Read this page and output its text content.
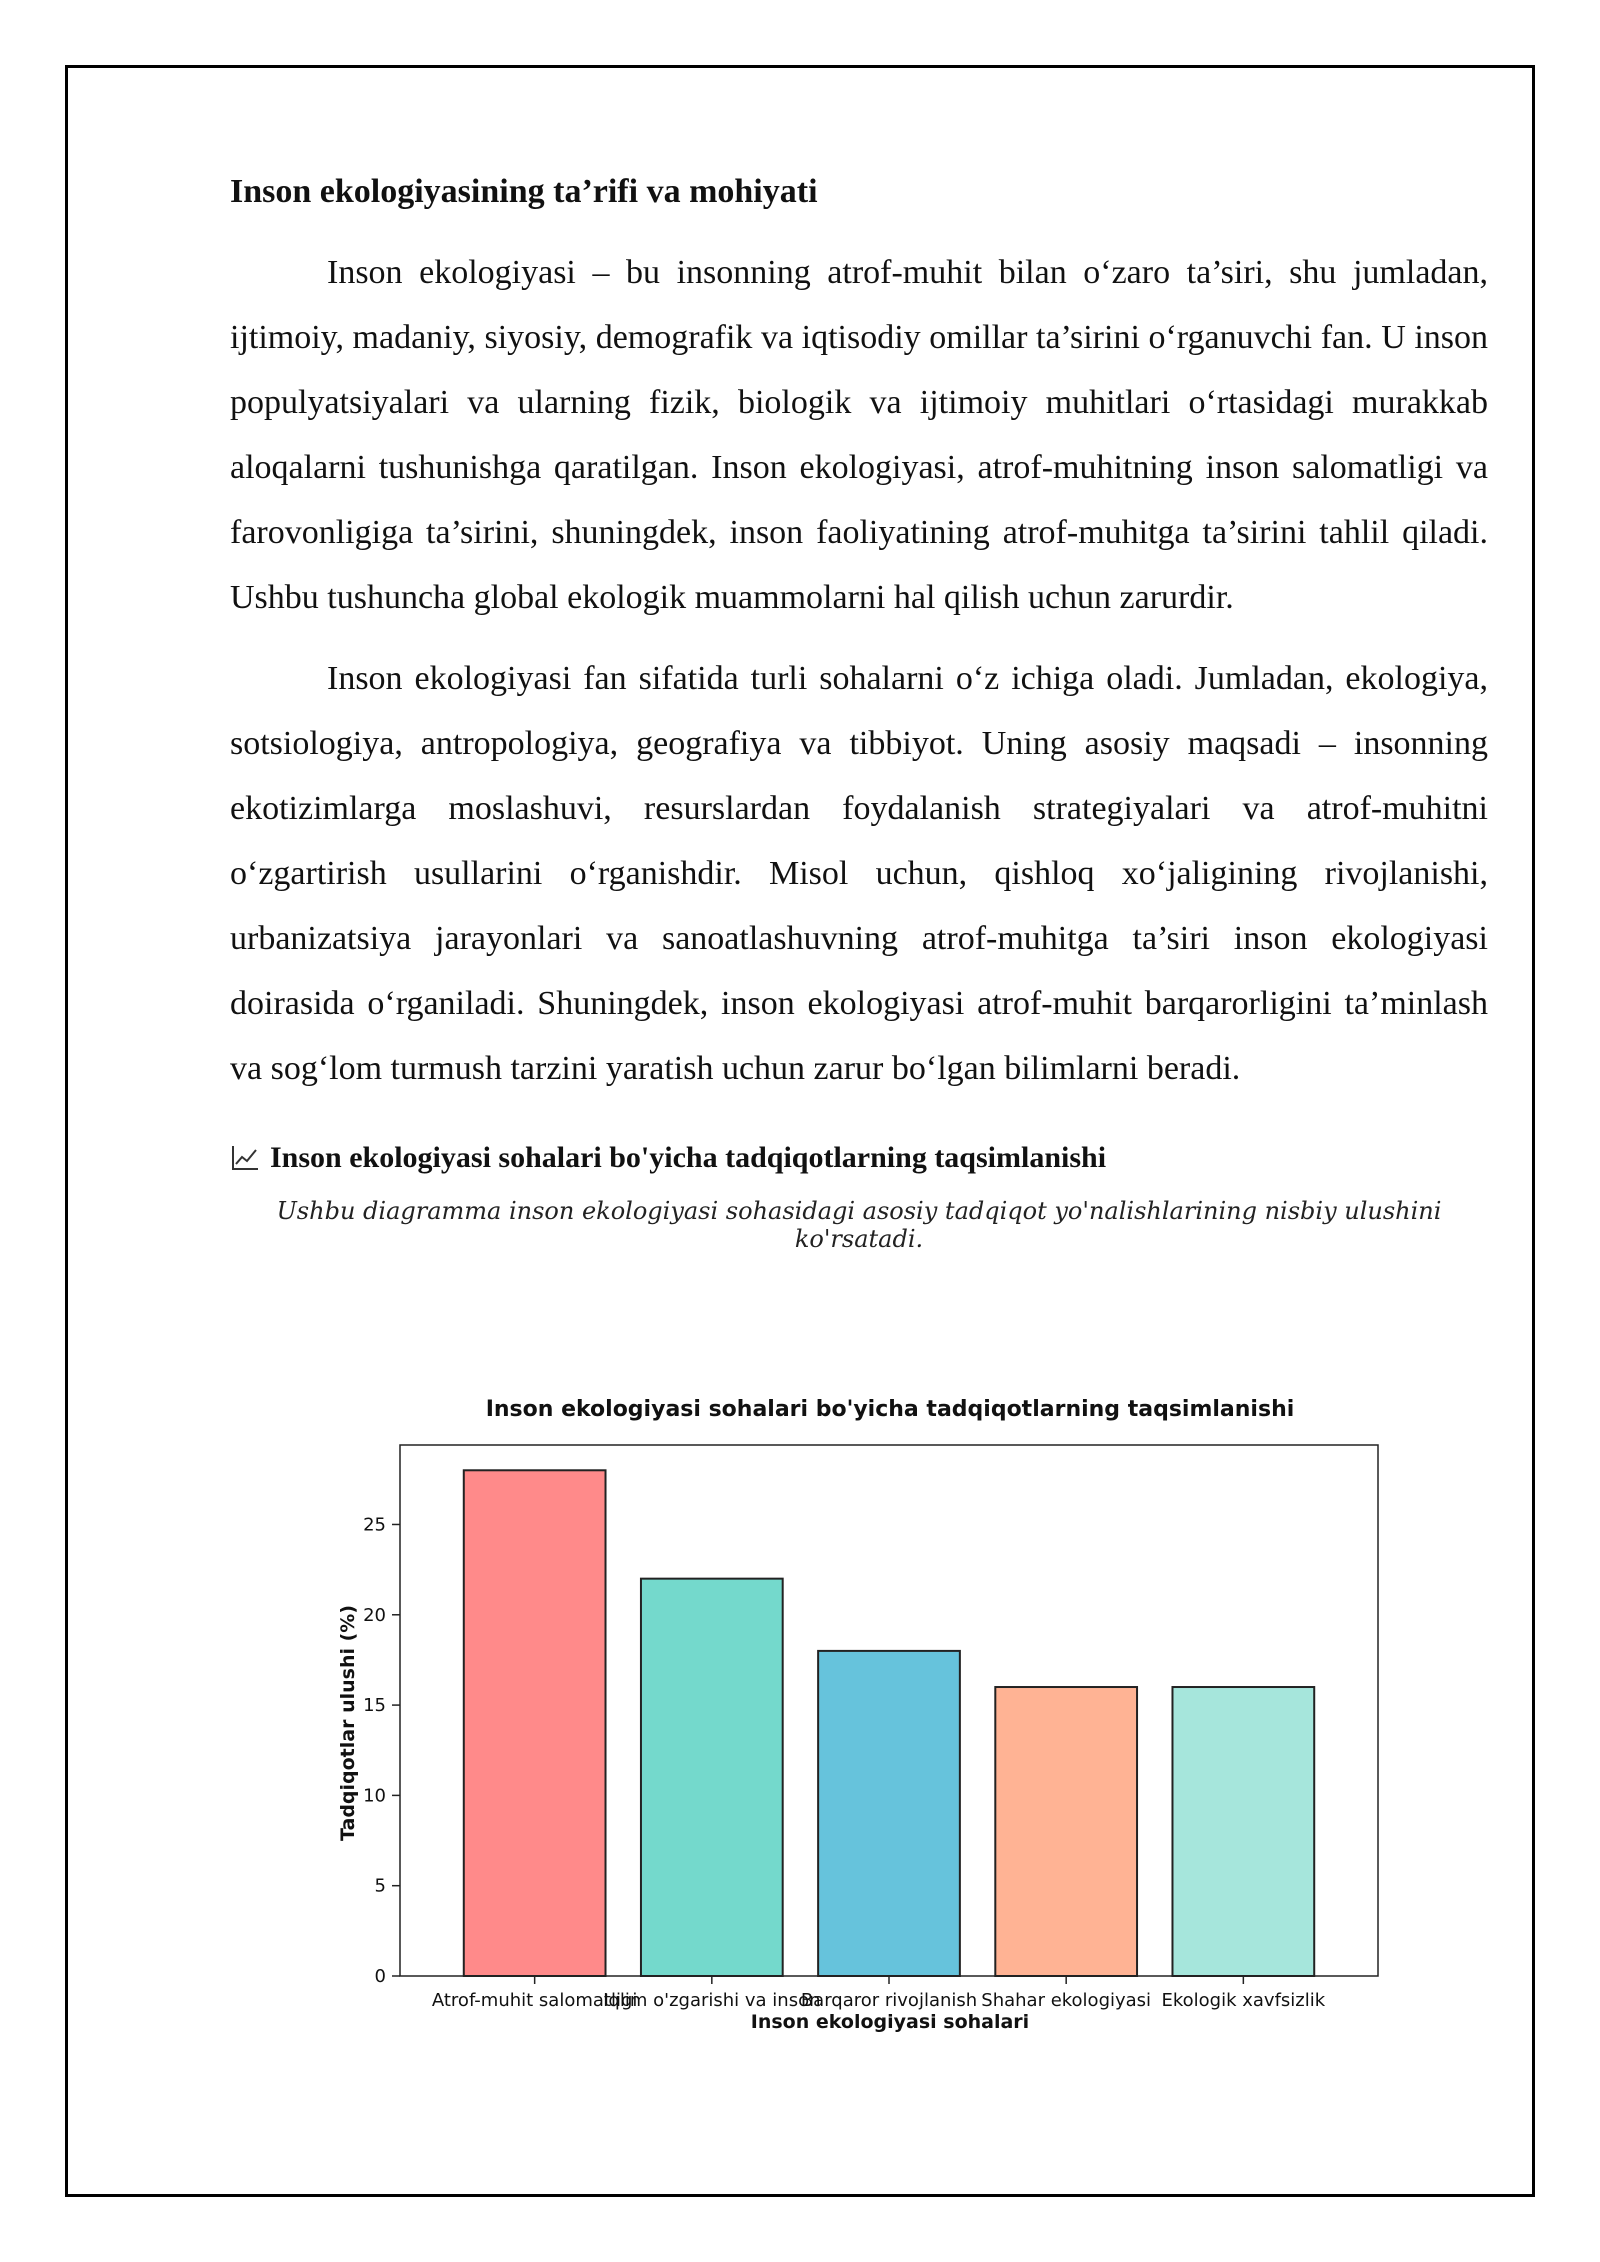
Inson ekologiyasining ta’rifi va mohiyati

Inson ekologiyasi – bu insonning atrof-muhit bilan o‘zaro ta’siri, shu jumladan, ijtimoiy, madaniy, siyosiy, demografik va iqtisodiy omillar ta’sirini o‘rganuvchi fan. U inson populyatsiyalari va ularning fizik, biologik va ijtimoiy muhitlari o‘rtasidagi murakkab aloqalarni tushunishga qaratilgan. Inson ekologiyasi, atrof-muhitning inson salomatligi va farovonligiga ta’sirini, shuningdek, inson faoliyatining atrof-muhitga ta’sirini tahlil qiladi. Ushbu tushuncha global ekologik muammolarni hal qilish uchun zarurdir.

Inson ekologiyasi fan sifatida turli sohalarni o‘z ichiga oladi. Jumladan, ekologiya, sotsiologiya, antropologiya, geografiya va tibbiyot. Uning asosiy maqsadi – insonning ekotizimlarga moslashuvi, resurslardan foydalanish strategiyalari va atrof-muhitni o‘zgartirish usullarini o‘rganishdir. Misol uchun, qishloq xo‘jaligining rivojlanishi, urbanizatsiya jarayonlari va sanoatlashuvning atrof-muhitga ta’siri inson ekologiyasi doirasida o‘rganiladi. Shuningdek, inson ekologiyasi atrof-muhit barqarorligini ta’minlash va sog‘lom turmush tarzini yaratish uchun zarur bo‘lgan bilimlarni beradi.

Inson ekologiyasi sohalari bo'yicha tadqiqotlarning taqsimlanishi
Ushbu diagramma inson ekologiyasi sohasidagi asosiy tadqiqot yo'nalishlarining nisbiy ulushini ko'rsatadi.
Inson ekologiyasi sohalari bo'yicha tadqiqotlarning taqsimlanishi
0
5
10
15
20
25
Atrof-muhit salomatligi
Iqlim o'zgarishi va inson
Barqaror rivojlanish Shahar ekologiyasi Ekologik xavfsizlik
Inson ekologiyasi sohalari
Tadqiqotlar ulushi (%)
